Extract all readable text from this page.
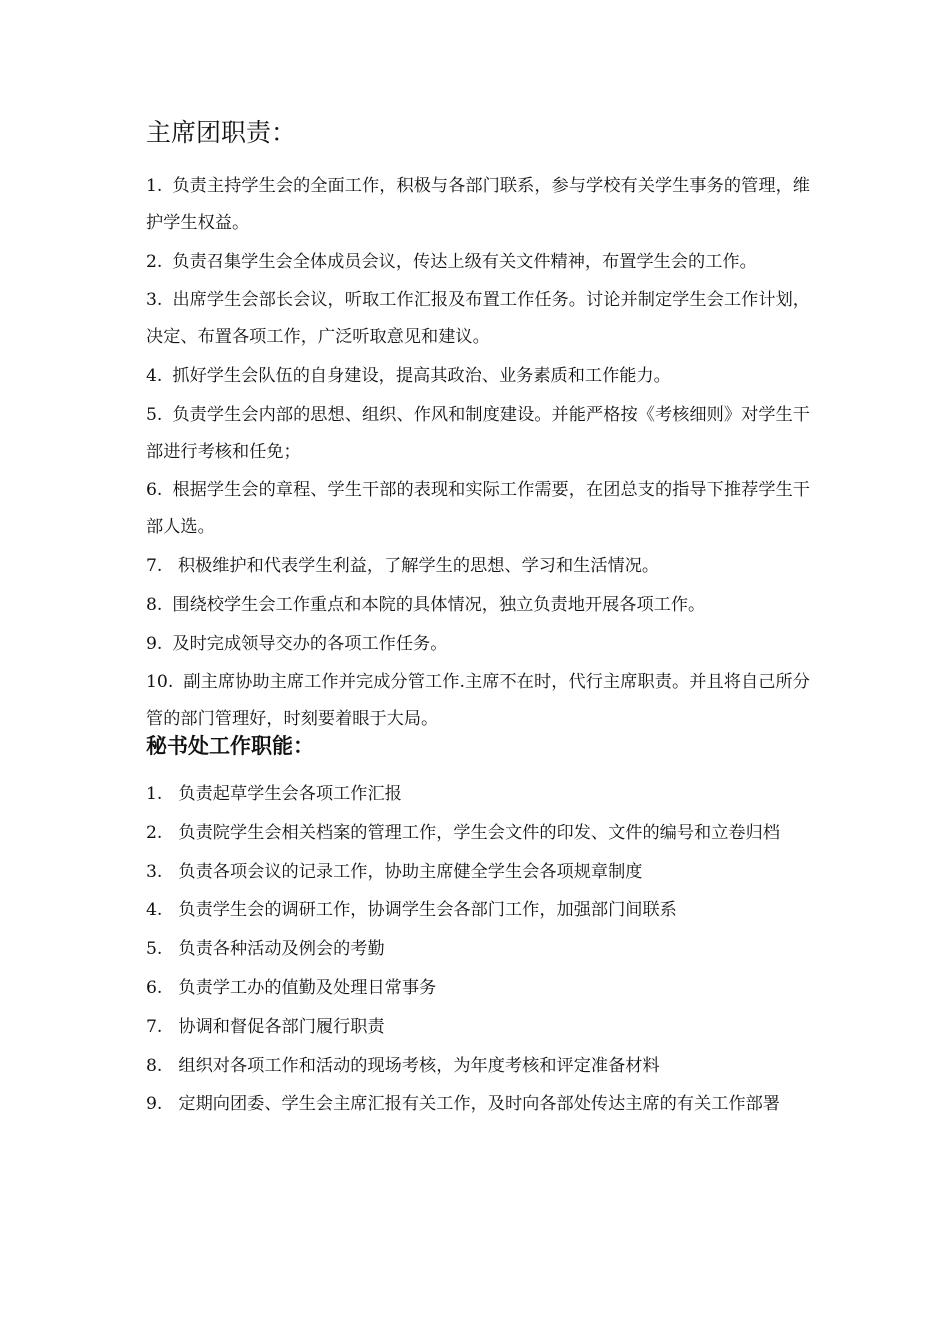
主席团职责：
1. 负责主持学生会的全面工作，积极与各部门联系，参与学校有关学生事务的管理，维护学生权益。
2. 负责召集学生会全体成员会议，传达上级有关文件精神，布置学生会的工作。
3. 出席学生会部长会议，听取工作汇报及布置工作任务。讨论并制定学生会工作计划，决定、布置各项工作，广泛听取意见和建议。
4. 抓好学生会队伍的自身建设，提高其政治、业务素质和工作能力。
5. 负责学生会内部的思想、组织、作风和制度建设。并能严格按《考核细则》对学生干部进行考核和任免；
6. 根据学生会的章程、学生干部的表现和实际工作需要，在团总支的指导下推荐学生干部人选。
7. 积极维护和代表学生利益，了解学生的思想、学习和生活情况。
8. 围绕校学生会工作重点和本院的具体情况，独立负责地开展各项工作。
9. 及时完成领导交办的各项工作任务。
10. 副主席协助主席工作并完成分管工作.主席不在时，代行主席职责。并且将自己所分管的部门管理好，时刻要着眼于大局。
秘书处工作职能：
1. 负责起草学生会各项工作汇报
2. 负责院学生会相关档案的管理工作，学生会文件的印发、文件的编号和立卷归档
3. 负责各项会议的记录工作，协助主席健全学生会各项规章制度
4. 负责学生会的调研工作，协调学生会各部门工作，加强部门间联系
5. 负责各种活动及例会的考勤
6. 负责学工办的值勤及处理日常事务
7. 协调和督促各部门履行职责
8. 组织对各项工作和活动的现场考核，为年度考核和评定准备材料
9. 定期向团委、学生会主席汇报有关工作，及时向各部处传达主席的有关工作部署
